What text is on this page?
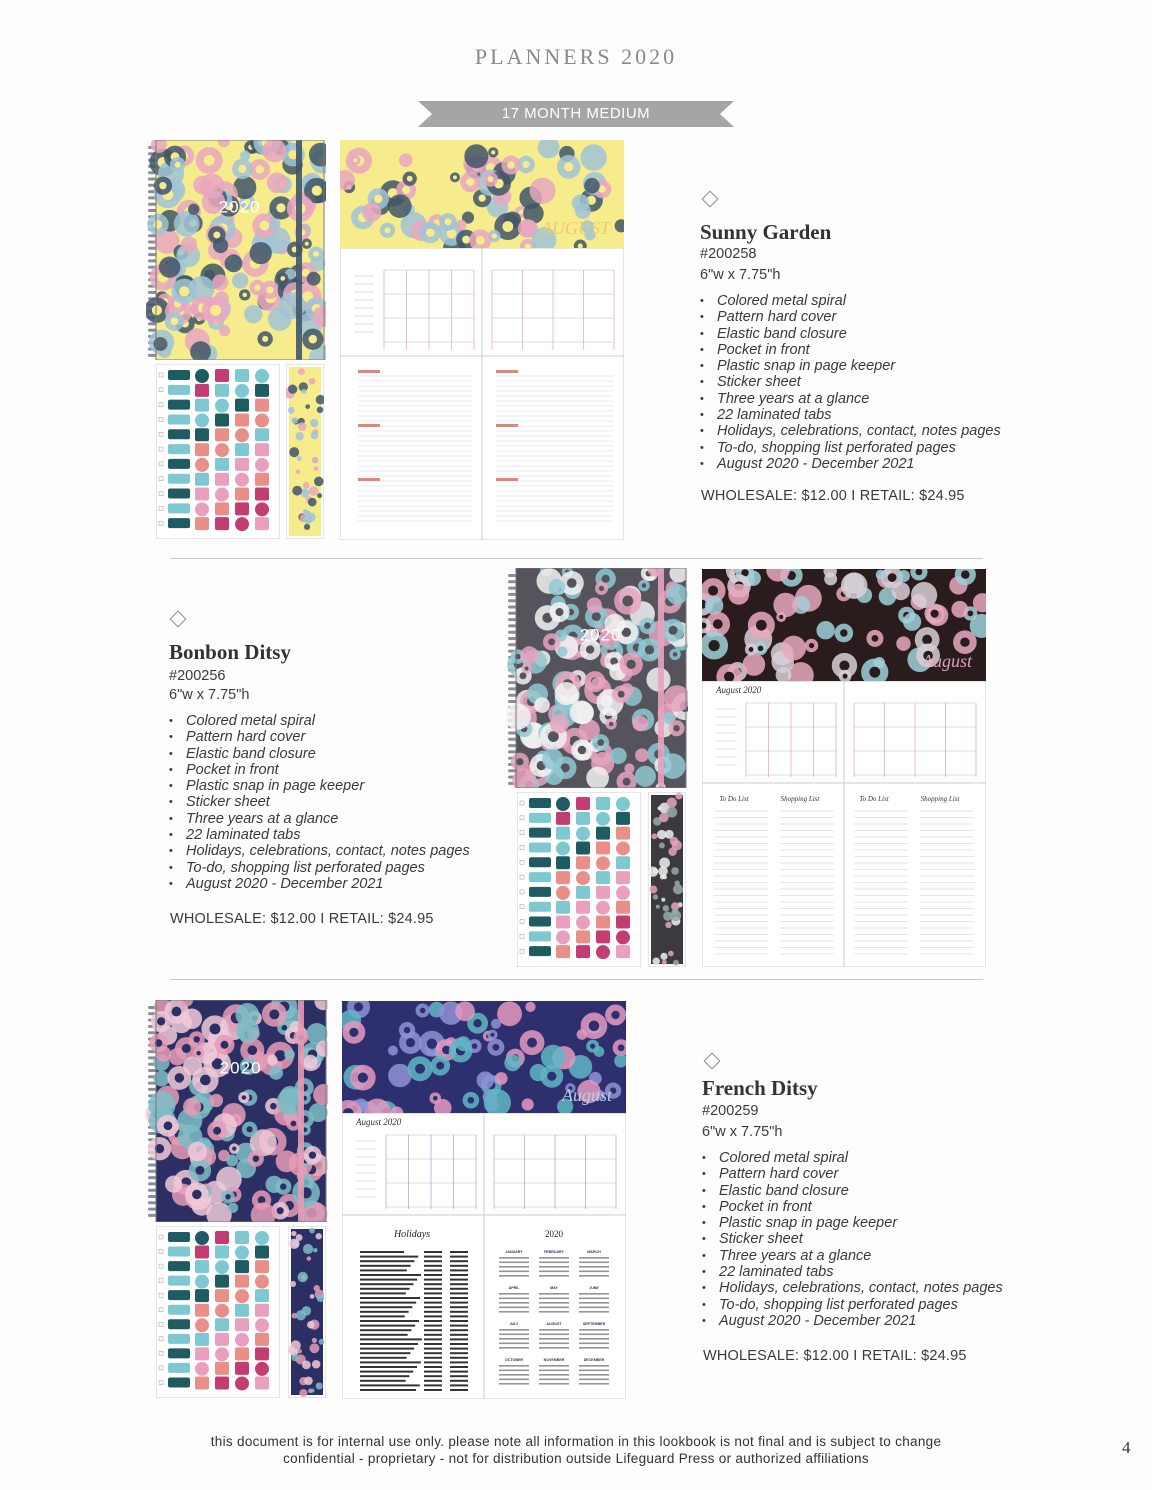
PLANNERS 2020
17 MONTH MEDIUM
2020
AUGUST	Sunny Garden
#200258
6"w x 7.75"h
• Colored metal spiral
• Pattern hard cover
• Elastic band closure
• Pocket in front
• Plastic snap in page keeper
• Sticker sheet
• Three years at a glance
• 22 laminated tabs
• Holidays, celebrations, contact, notes pages
• To-do, shopping list perforated pages
• August 2020 - December 2021
WHOLESALE: $12.00 I RETAIL: $24.95
Bonbon Ditsy
#200256
6"w x 7.75"h
• Colored metal spiral
• Pattern hard cover
• Elastic band closure
• Pocket in front
• Plastic snap in page keeper
• Sticker sheet
• Three years at a glance
• 22 laminated tabs
• Holidays, celebrations, contact, notes pages
• To-do, shopping list perforated pages
• August 2020 - December 2021
WHOLESALE: $12.00 I RETAIL: $24.95
2020
August
August 2020
To Do List	Shopping List	To Do List	Shopping List
2020
August
August 2020
Holidays	2020
JANUARY	FEBRUARY	MARCH
APRIL	MAY	JUNE
JULY	AUGUST	SEPTEMBER
OCTOBER	NOVEMBER	DECEMBER
French Ditsy
#200259
6"w x 7.75"h
• Colored metal spiral
• Pattern hard cover
• Elastic band closure
• Pocket in front
• Plastic snap in page keeper
• Sticker sheet
• Three years at a glance
• 22 laminated tabs
• Holidays, celebrations, contact, notes pages
• To-do, shopping list perforated pages
• August 2020 - December 2021
WHOLESALE: $12.00 I RETAIL: $24.95
this document is for internal use only. please note all information in this lookbook is not final and is subject to change
confidential - proprietary - not for distribution outside Lifeguard Press or authorized affiliations
4
